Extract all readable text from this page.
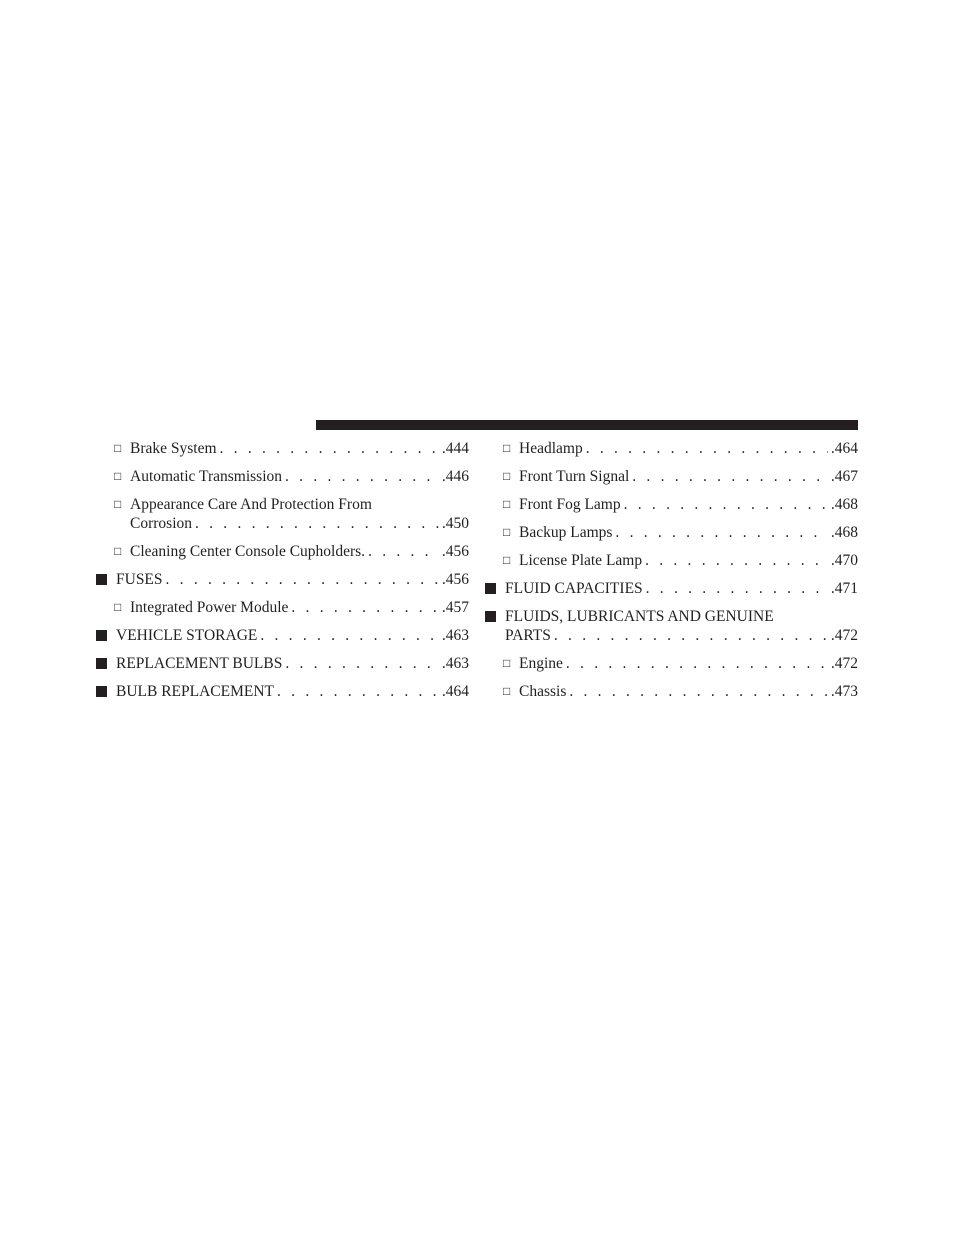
□ Brake System . . .	.444
□ Automatic Transmission . . .	.446
□ Appearance Care And Protection From
Corrosion . . .	.450
□ Cleaning Center Console Cupholders. . . .	.456
FUSES . . .	.456
□ Integrated Power Module . . .	.457
VEHICLE STORAGE . . .	.463
REPLACEMENT BULBS . . .	.463
BULB REPLACEMENT . . .	.464
□ Headlamp . . .	.464
□ Front Turn Signal . . .	.467
□ Front Fog Lamp . . .	.468
□ Backup Lamps . . .	.468
□ License Plate Lamp . . .	.470
FLUID CAPACITIES . . .	.471
FLUIDS, LUBRICANTS AND GENUINE
PARTS . . .	.472
□ Engine . . .	.472
□ Chassis . . .	.473
